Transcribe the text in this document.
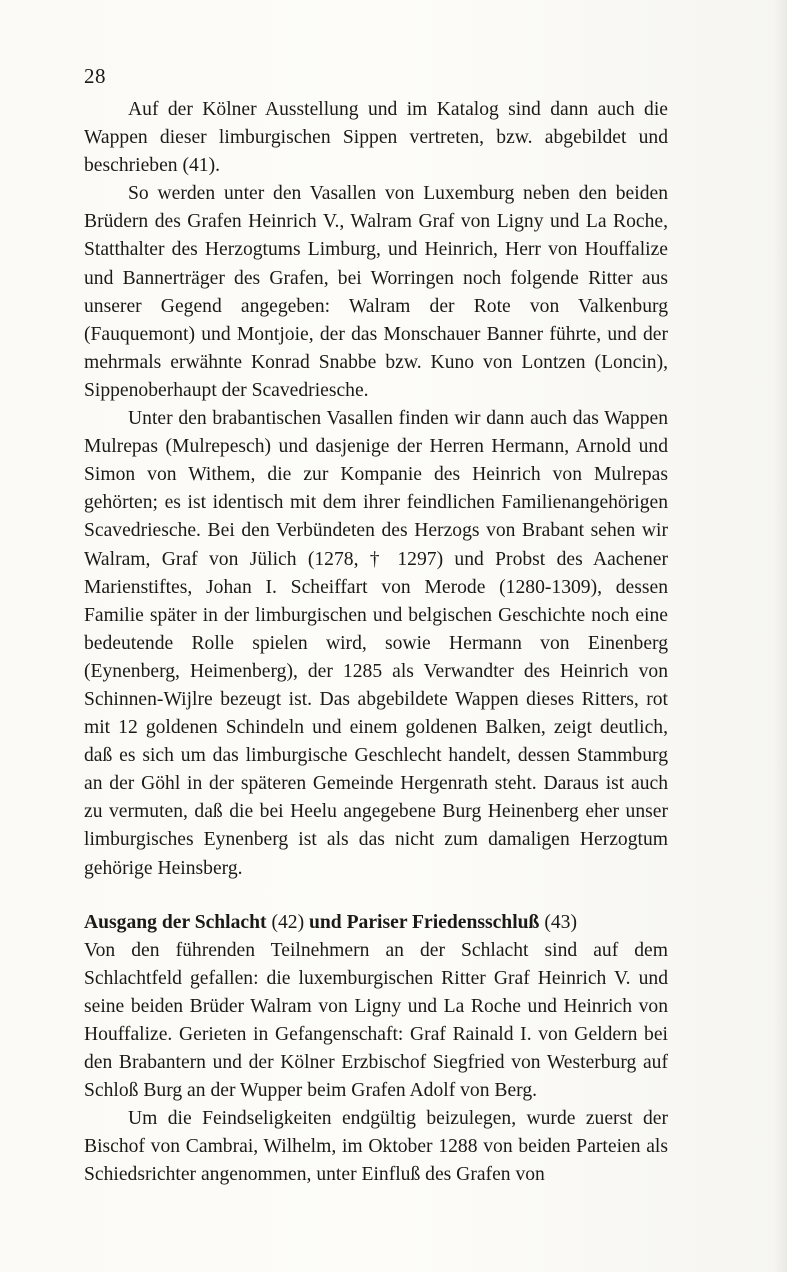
28

Auf der Kölner Ausstellung und im Katalog sind dann auch die Wappen dieser limburgischen Sippen vertreten, bzw. abgebildet und beschrieben (41).

So werden unter den Vasallen von Luxemburg neben den beiden Brüdern des Grafen Heinrich V., Walram Graf von Ligny und La Roche, Statthalter des Herzogtums Limburg, und Heinrich, Herr von Houffalize und Bannerträger des Grafen, bei Worringen noch folgende Ritter aus unserer Gegend angegeben: Walram der Rote von Valkenburg (Fauquemont) und Montjoie, der das Monschauer Banner führte, und der mehrmals erwähnte Konrad Snabbe bzw. Kuno von Lontzen (Loncin), Sippenoberhaupt der Scavedriesche.

Unter den brabantischen Vasallen finden wir dann auch das Wappen Mulrepas (Mulrepesch) und dasjenige der Herren Hermann, Arnold und Simon von Withem, die zur Kompanie des Heinrich von Mulrepas gehörten; es ist identisch mit dem ihrer feindlichen Familienangehörigen Scavedriesche. Bei den Verbündeten des Herzogs von Brabant sehen wir Walram, Graf von Jülich (1278, † 1297) und Probst des Aachener Marienstiftes, Johan I. Scheiffart von Merode (1280-1309), dessen Familie später in der limburgischen und belgischen Geschichte noch eine bedeutende Rolle spielen wird, sowie Hermann von Einenberg (Eynenberg, Heimenberg), der 1285 als Verwandter des Heinrich von Schinnen-Wijlre bezeugt ist. Das abgebildete Wappen dieses Ritters, rot mit 12 goldenen Schindeln und einem goldenen Balken, zeigt deutlich, daß es sich um das limburgische Geschlecht handelt, dessen Stammburg an der Göhl in der späteren Gemeinde Hergenrath steht. Daraus ist auch zu vermuten, daß die bei Heelu angegebene Burg Heinenberg eher unser limburgisches Eynenberg ist als das nicht zum damaligen Herzogtum gehörige Heinsberg.

Ausgang der Schlacht (42) und Pariser Friedensschluß (43)

Von den führenden Teilnehmern an der Schlacht sind auf dem Schlachtfeld gefallen: die luxemburgischen Ritter Graf Heinrich V. und seine beiden Brüder Walram von Ligny und La Roche und Heinrich von Houffalize. Gerieten in Gefangenschaft: Graf Rainald I. von Geldern bei den Brabantern und der Kölner Erzbischof Siegfried von Westerburg auf Schloß Burg an der Wupper beim Grafen Adolf von Berg.

Um die Feindseligkeiten endgültig beizulegen, wurde zuerst der Bischof von Cambrai, Wilhelm, im Oktober 1288 von beiden Parteien als Schiedsrichter angenommen, unter Einfluß des Grafen von
